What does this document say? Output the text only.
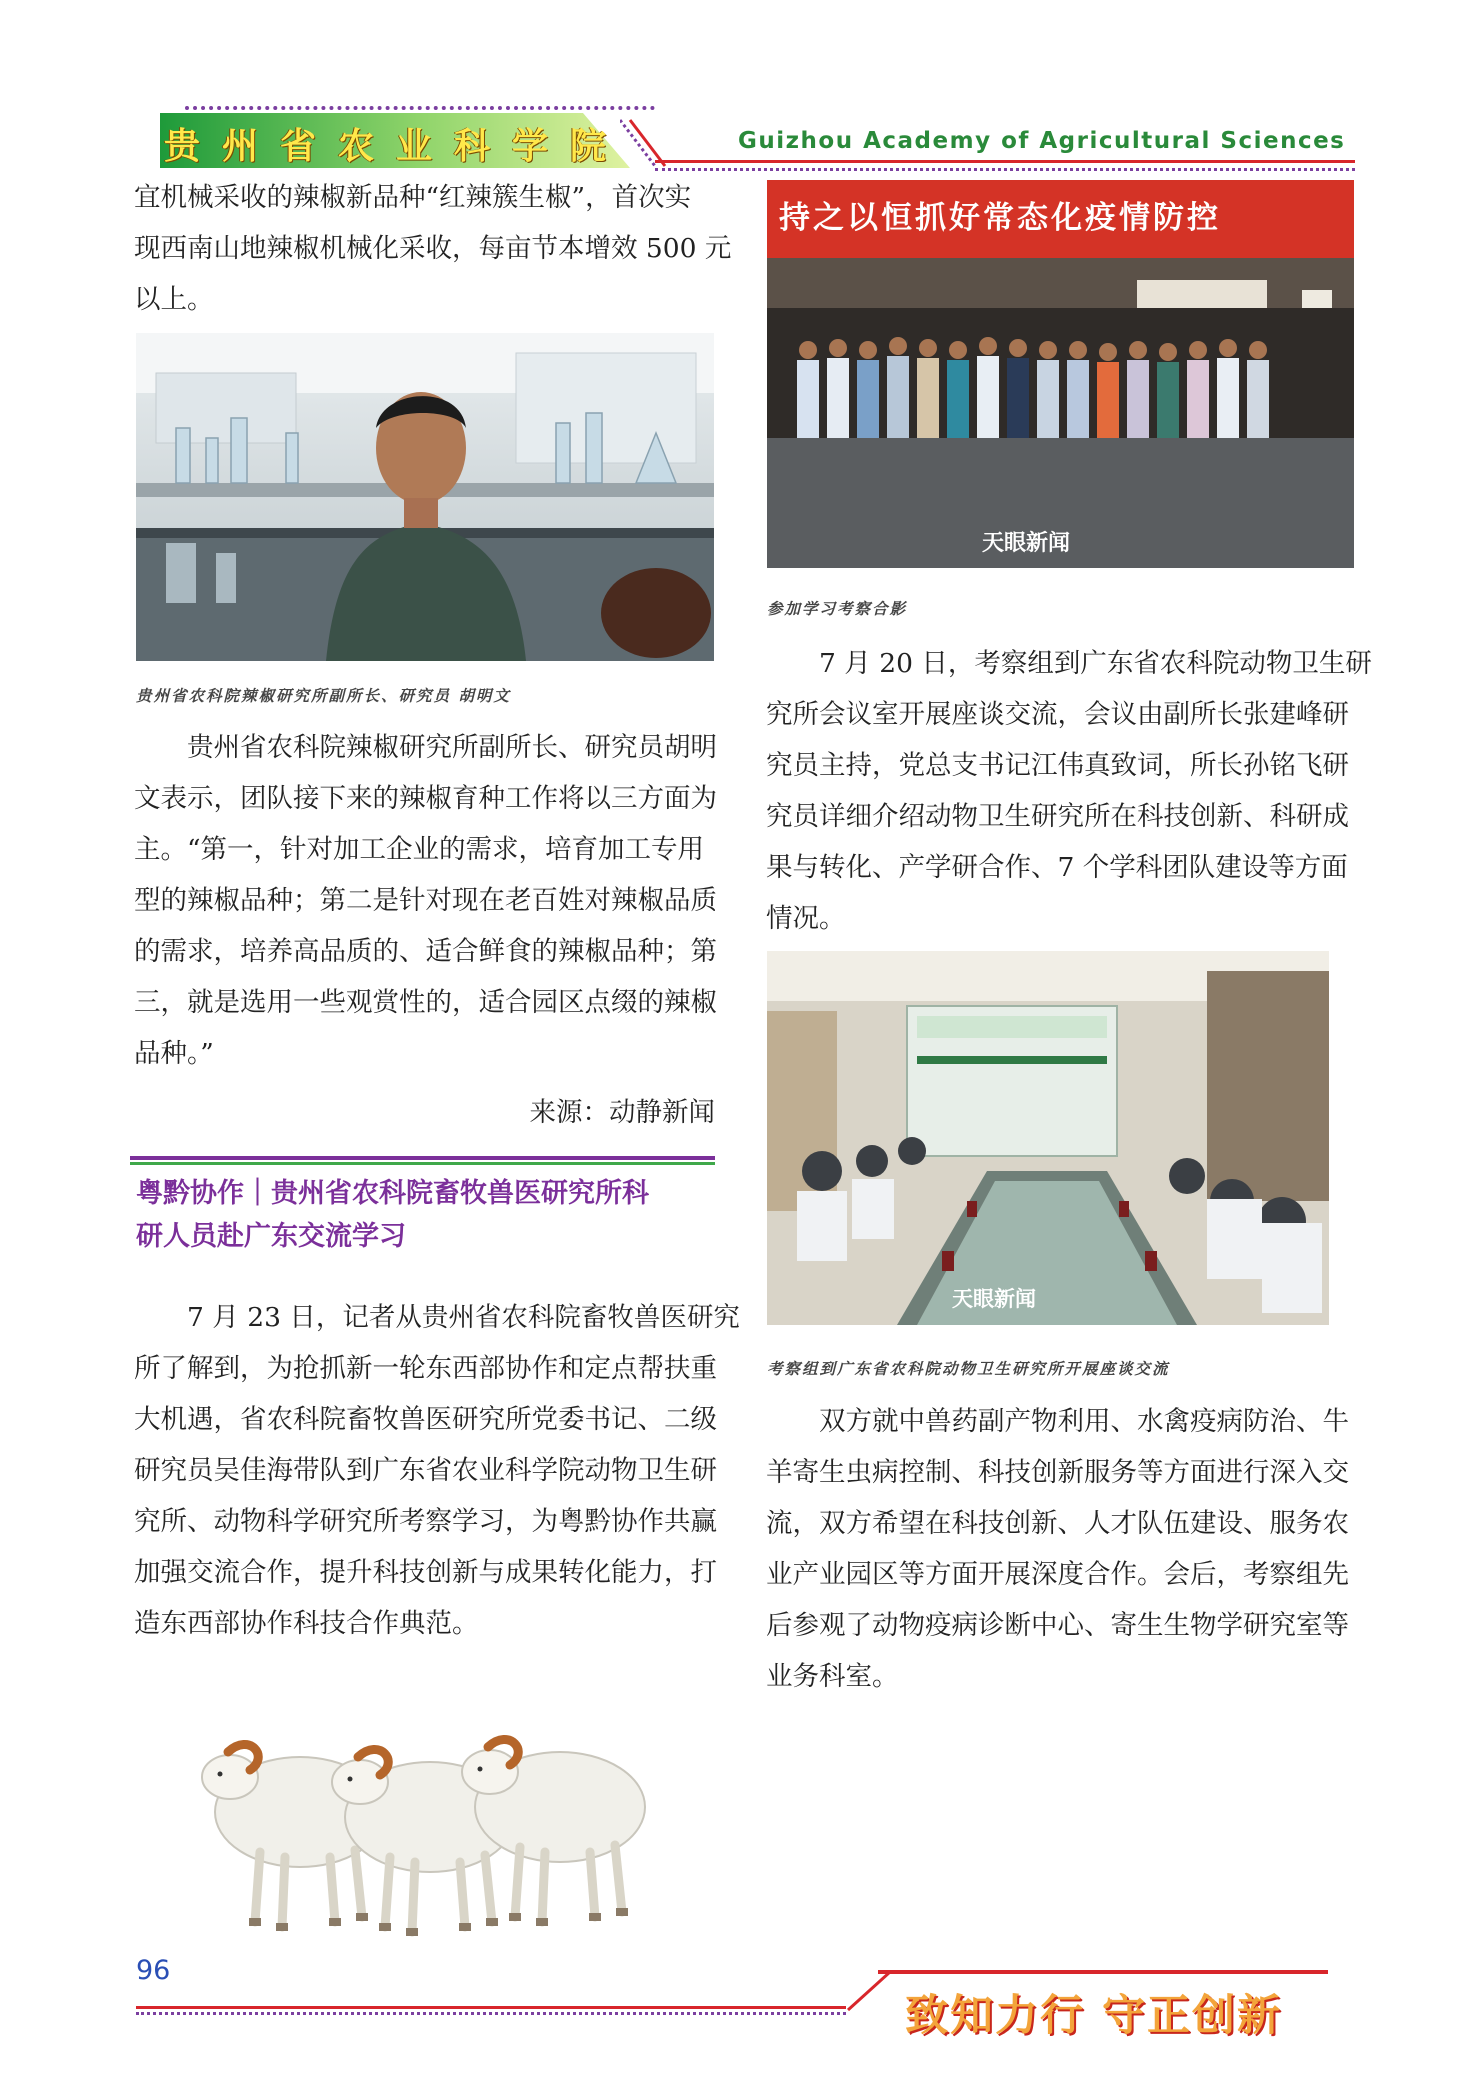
贵州省农业科学院	Guizhou Academy of Agricultural Sciences
宜机械采收的辣椒新品种“红辣簇生椒”，首次实
现西南山地辣椒机械化采收，每亩节本增效 500 元
以上。
贵州省农科院辣椒研究所副所长、研究员 胡明文
贵州省农科院辣椒研究所副所长、研究员胡明
文表示，团队接下来的辣椒育种工作将以三方面为
主。“第一，针对加工企业的需求，培育加工专用
型的辣椒品种；第二是针对现在老百姓对辣椒品质
的需求，培养高品质的、适合鲜食的辣椒品种；第
三，就是选用一些观赏性的，适合园区点缀的辣椒
品种。”
来源：动静新闻
粤黔协作｜贵州省农科院畜牧兽医研究所科
研人员赴广东交流学习
7 月 23 日，记者从贵州省农科院畜牧兽医研究
所了解到，为抢抓新一轮东西部协作和定点帮扶重
大机遇，省农科院畜牧兽医研究所党委书记、二级
研究员吴佳海带队到广东省农业科学院动物卫生研
究所、动物科学研究所考察学习，为粤黔协作共赢
加强交流合作，提升科技创新与成果转化能力，打
造东西部协作科技合作典范。
持之以恒抓好常态化疫情防控
天眼新闻
参加学习考察合影
7 月 20 日，考察组到广东省农科院动物卫生研
究所会议室开展座谈交流，会议由副所长张建峰研
究员主持，党总支书记江伟真致词，所长孙铭飞研
究员详细介绍动物卫生研究所在科技创新、科研成
果与转化、产学研合作、7 个学科团队建设等方面
情况。
天眼新闻
考察组到广东省农科院动物卫生研究所开展座谈交流
双方就中兽药副产物利用、水禽疫病防治、牛
羊寄生虫病控制、科技创新服务等方面进行深入交
流，双方希望在科技创新、人才队伍建设、服务农
业产业园区等方面开展深度合作。会后，考察组先
后参观了动物疫病诊断中心、寄生生物学研究室等
业务科室。
96
致知力行 守正创新
